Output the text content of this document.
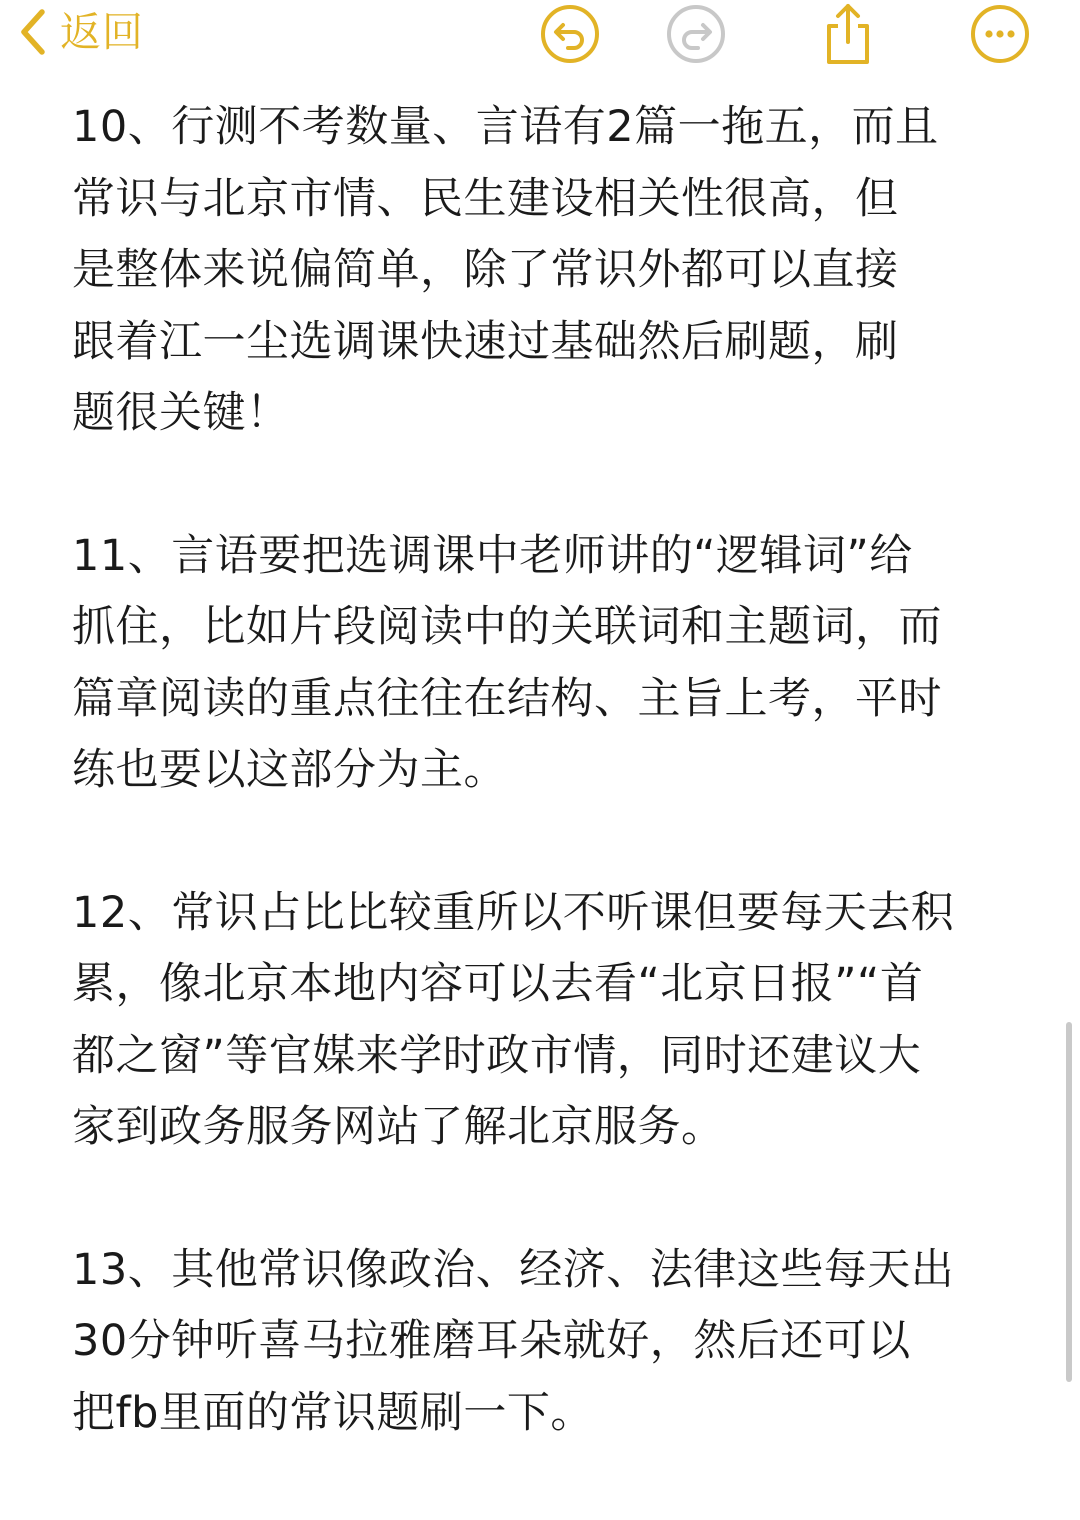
返回

10、行测不考数量、言语有2篇一拖五，而且
常识与北京市情、民生建设相关性很高，但
是整体来说偏简单，除了常识外都可以直接
跟着江一尘选调课快速过基础然后刷题，刷
题很关键！

11、言语要把选调课中老师讲的“逻辑词”给
抓住，比如片段阅读中的关联词和主题词，而
篇章阅读的重点往往在结构、主旨上考，平时
练也要以这部分为主。

12、常识占比比较重所以不听课但要每天去积
累，像北京本地内容可以去看“北京日报”“首
都之窗”等官媒来学时政市情，同时还建议大
家到政务服务网站了解北京服务。

13、其他常识像政治、经济、法律这些每天出
30分钟听喜马拉雅磨耳朵就好，然后还可以
把fb里面的常识题刷一下。
